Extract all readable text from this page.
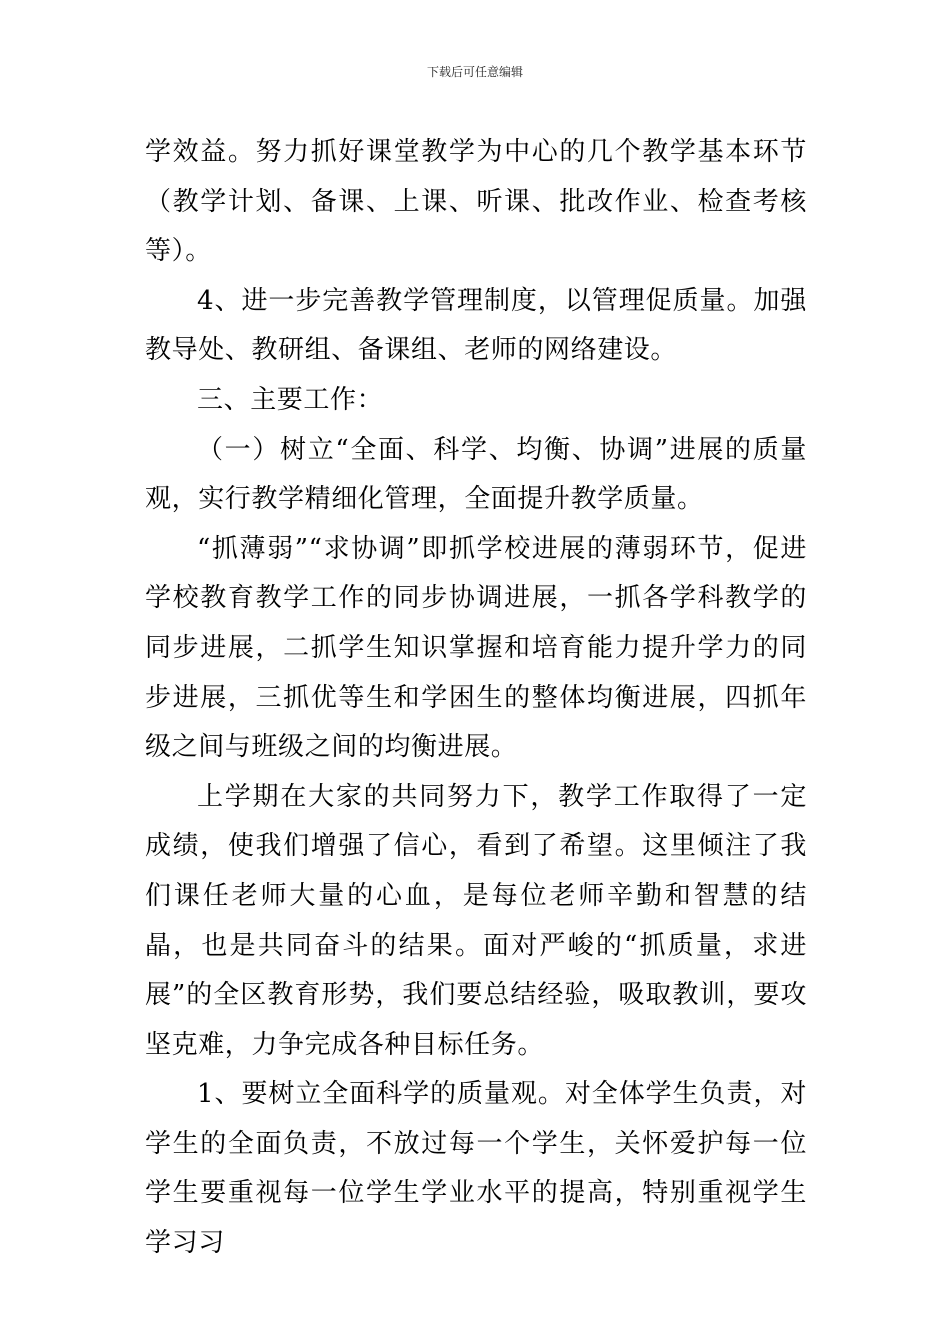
下载后可任意编辑

学效益。努力抓好课堂教学为中心的几个教学基本环节（教学计划、备课、上课、听课、批改作业、检查考核等）。

4、进一步完善教学管理制度，以管理促质量。加强教导处、教研组、备课组、老师的网络建设。

三、主要工作：

（一）树立“全面、科学、均衡、协调”进展的质量观，实行教学精细化管理，全面提升教学质量。

“抓薄弱”“求协调”即抓学校进展的薄弱环节，促进学校教育教学工作的同步协调进展，一抓各学科教学的同步进展，二抓学生知识掌握和培育能力提升学力的同步进展，三抓优等生和学困生的整体均衡进展，四抓年级之间与班级之间的均衡进展。

上学期在大家的共同努力下，教学工作取得了一定成绩，使我们增强了信心，看到了希望。这里倾注了我们课任老师大量的心血，是每位老师辛勤和智慧的结晶，也是共同奋斗的结果。面对严峻的“抓质量，求进展”的全区教育形势，我们要总结经验，吸取教训，要攻坚克难，力争完成各种目标任务。

1、要树立全面科学的质量观。对全体学生负责，对学生的全面负责，不放过每一个学生，关怀爱护每一位学生要重视每一位学生学业水平的提高，特别重视学生学习习
